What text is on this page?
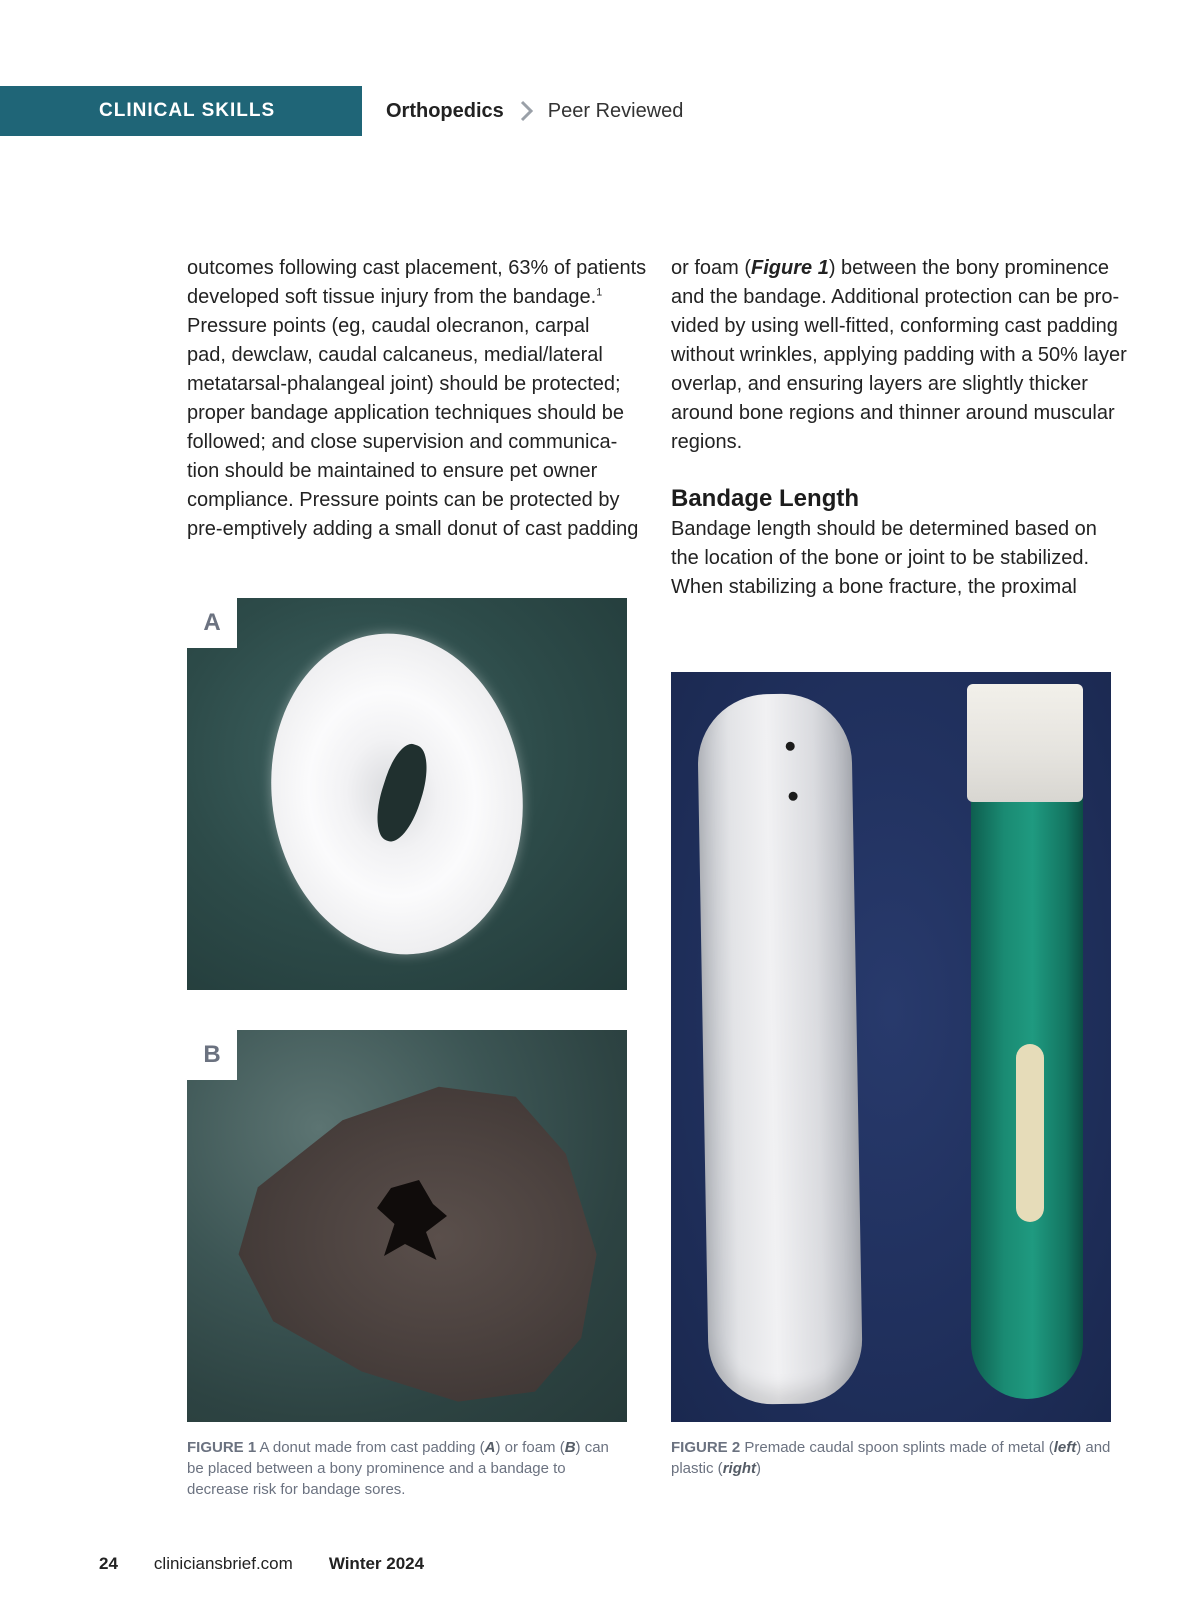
CLINICAL SKILLS	Orthopedics Peer Reviewed
outcomes following cast placement, 63% of patients
developed soft tissue injury from the bandage.$^1$
Pressure points (eg, caudal olecranon, carpal
pad, dewclaw, caudal calcaneus, medial/lateral
metatarsal-phalangeal joint) should be protected;
proper bandage application techniques should be
followed; and close supervision and communica-
tion should be maintained to ensure pet owner
compliance. Pressure points can be protected by
pre-emptively adding a small donut of cast padding
or foam (Figure 1) between the bony prominence
and the bandage. Additional protection can be pro-
vided by using well-fitted, conforming cast padding
without wrinkles, applying padding with a 50% layer
overlap, and ensuring layers are slightly thicker
around bone regions and thinner around muscular
regions.
Bandage Length
Bandage length should be determined based on
the location of the bone or joint to be stabilized.
When stabilizing a bone fracture, the proximal
A
B
FIGURE 1 A donut made from cast padding (A) or foam (B) can be placed between a bony prominence and a bandage to decrease risk for bandage sores.
FIGURE 2 Premade caudal spoon splints made of metal (left) and plastic (right)
24 cliniciansbrief.com Winter 2024
